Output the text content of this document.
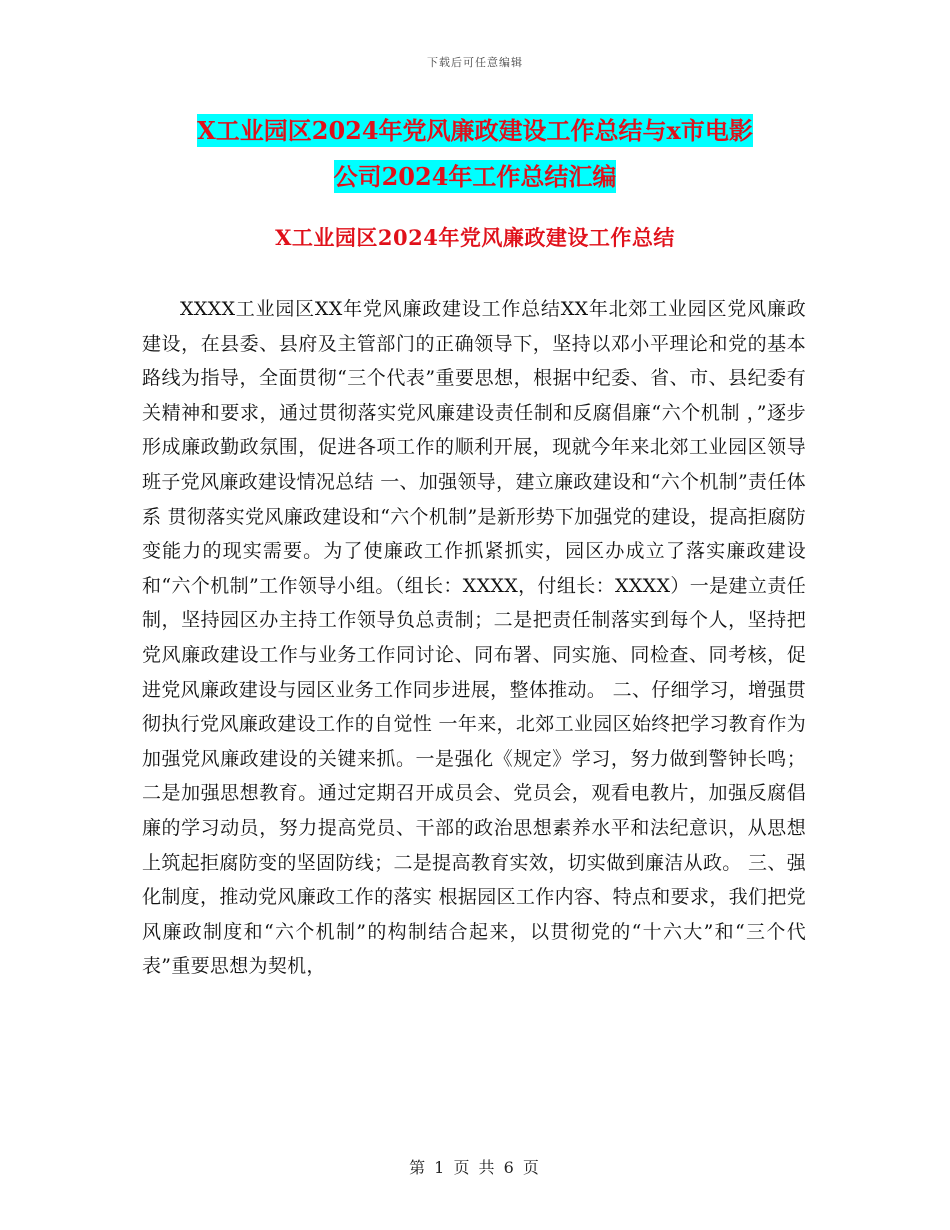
下载后可任意编辑
X工业园区2024年党风廉政建设工作总结与x市电影
公司2024年工作总结汇编
X工业园区2024年党风廉政建设工作总结
XXXX工业园区XX年党风廉政建设工作总结XX年北郊工业园区党风廉政建设，在县委、县府及主管部门的正确领导下，坚持以邓小平理论和党的基本路线为指导，全面贯彻“三个代表”重要思想，根据中纪委、省、市、县纪委有关精神和要求，通过贯彻落实党风廉建设责任制和反腐倡廉“六个机制 ，”逐步形成廉政勤政氛围，促进各项工作的顺利开展，现就今年来北郊工业园区领导班子党风廉政建设情况总结 一、加强领导，建立廉政建设和“六个机制”责任体系 贯彻落实党风廉政建设和“六个机制”是新形势下加强党的建设，提高拒腐防变能力的现实需要。为了使廉政工作抓紧抓实，园区办成立了落实廉政建设和“六个机制”工作领导小组。（组长：XXXX，付组长：XXXX）一是建立责任制，坚持园区办主持工作领导负总责制；二是把责任制落实到每个人，坚持把党风廉政建设工作与业务工作同讨论、同布署、同实施、同检查、同考核，促进党风廉政建设与园区业务工作同步进展，整体推动。 二、仔细学习，增强贯彻执行党风廉政建设工作的自觉性 一年来，北郊工业园区始终把学习教育作为加强党风廉政建设的关键来抓。一是强化《规定》学习，努力做到警钟长鸣；二是加强思想教育。通过定期召开成员会、党员会，观看电教片，加强反腐倡廉的学习动员，努力提高党员、干部的政治思想素养水平和法纪意识，从思想上筑起拒腐防变的坚固防线；二是提高教育实效，切实做到廉洁从政。 三、强化制度，推动党风廉政工作的落实 根据园区工作内容、特点和要求，我们把党风廉政制度和“六个机制”的构制结合起来，以贯彻党的“十六大”和“三个代表”重要思想为契机，
第 1 页 共 6 页
